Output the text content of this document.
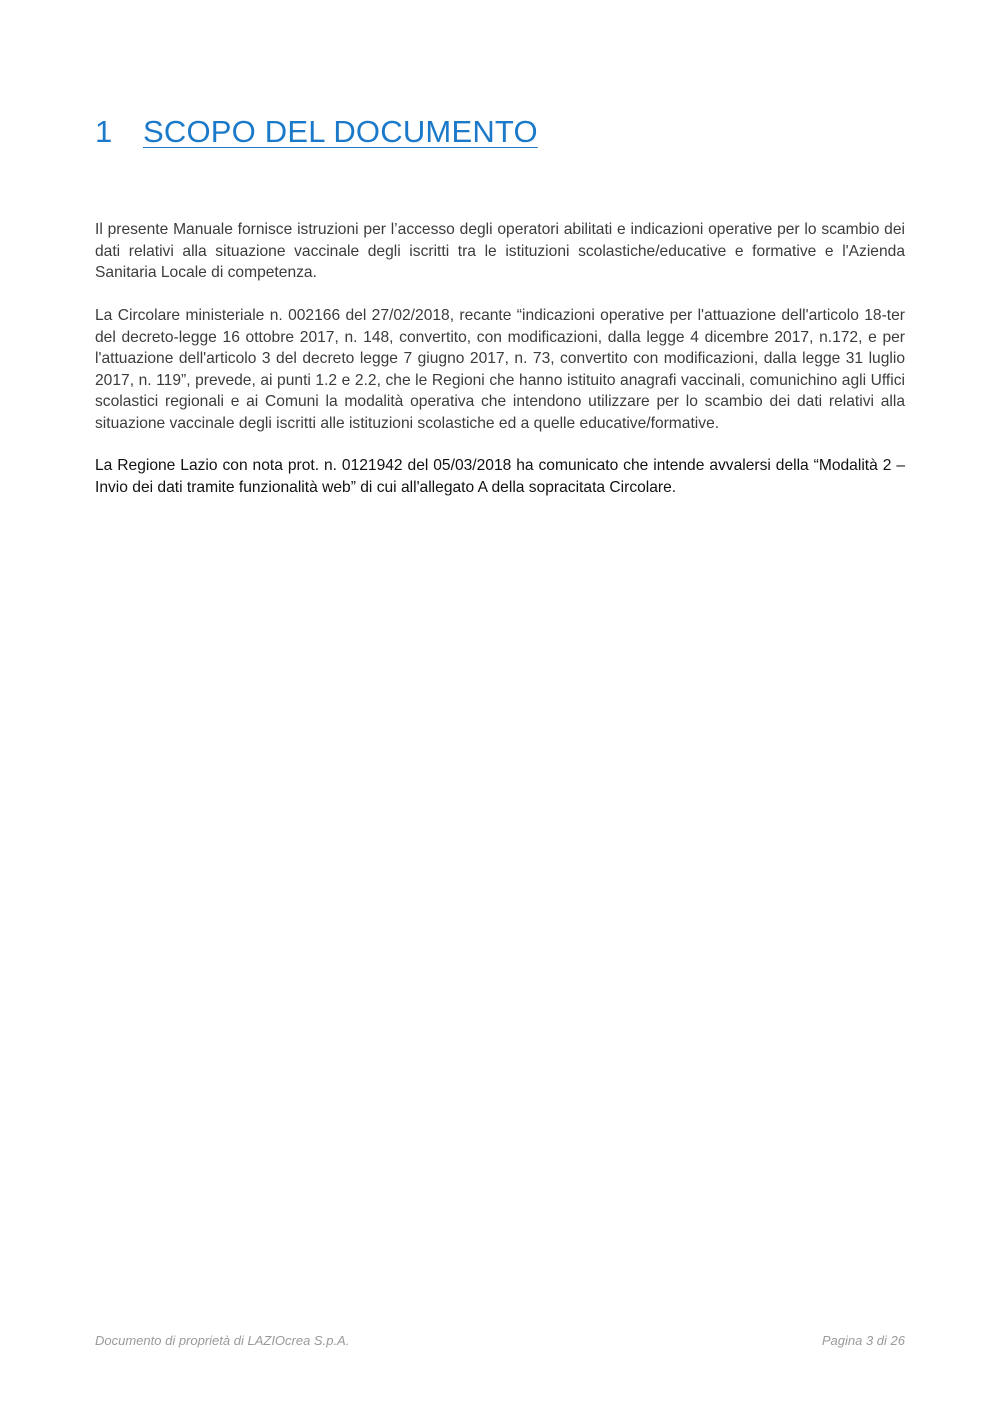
1 SCOPO DEL DOCUMENTO
Il presente Manuale fornisce istruzioni per l’accesso degli operatori abilitati e indicazioni operative per lo scambio dei dati relativi alla situazione vaccinale degli iscritti tra le istituzioni scolastiche/educative e formative e l'Azienda Sanitaria Locale di competenza.
La Circolare ministeriale n. 002166 del 27/02/2018, recante “indicazioni operative per l'attuazione dell'articolo 18-ter del decreto-legge 16 ottobre 2017, n. 148, convertito, con modificazioni, dalla legge 4 dicembre 2017, n.172, e per l'attuazione dell'articolo 3 del decreto legge 7 giugno 2017, n. 73, convertito con modificazioni, dalla legge 31 luglio 2017, n. 119”, prevede, ai punti 1.2 e 2.2, che le Regioni che hanno istituito anagrafi vaccinali, comunichino agli Uffici scolastici regionali e ai Comuni la modalità operativa che intendono utilizzare per lo scambio dei dati relativi alla situazione vaccinale degli iscritti alle istituzioni scolastiche ed a quelle educative/formative.
La Regione Lazio con nota prot. n. 0121942 del 05/03/2018 ha comunicato che intende avvalersi della “Modalità 2 – Invio dei dati tramite funzionalità web” di cui all'allegato A della sopracitata Circolare.
Documento di proprietà di LAZIOcrea S.p.A.	Pagina 3 di 26
